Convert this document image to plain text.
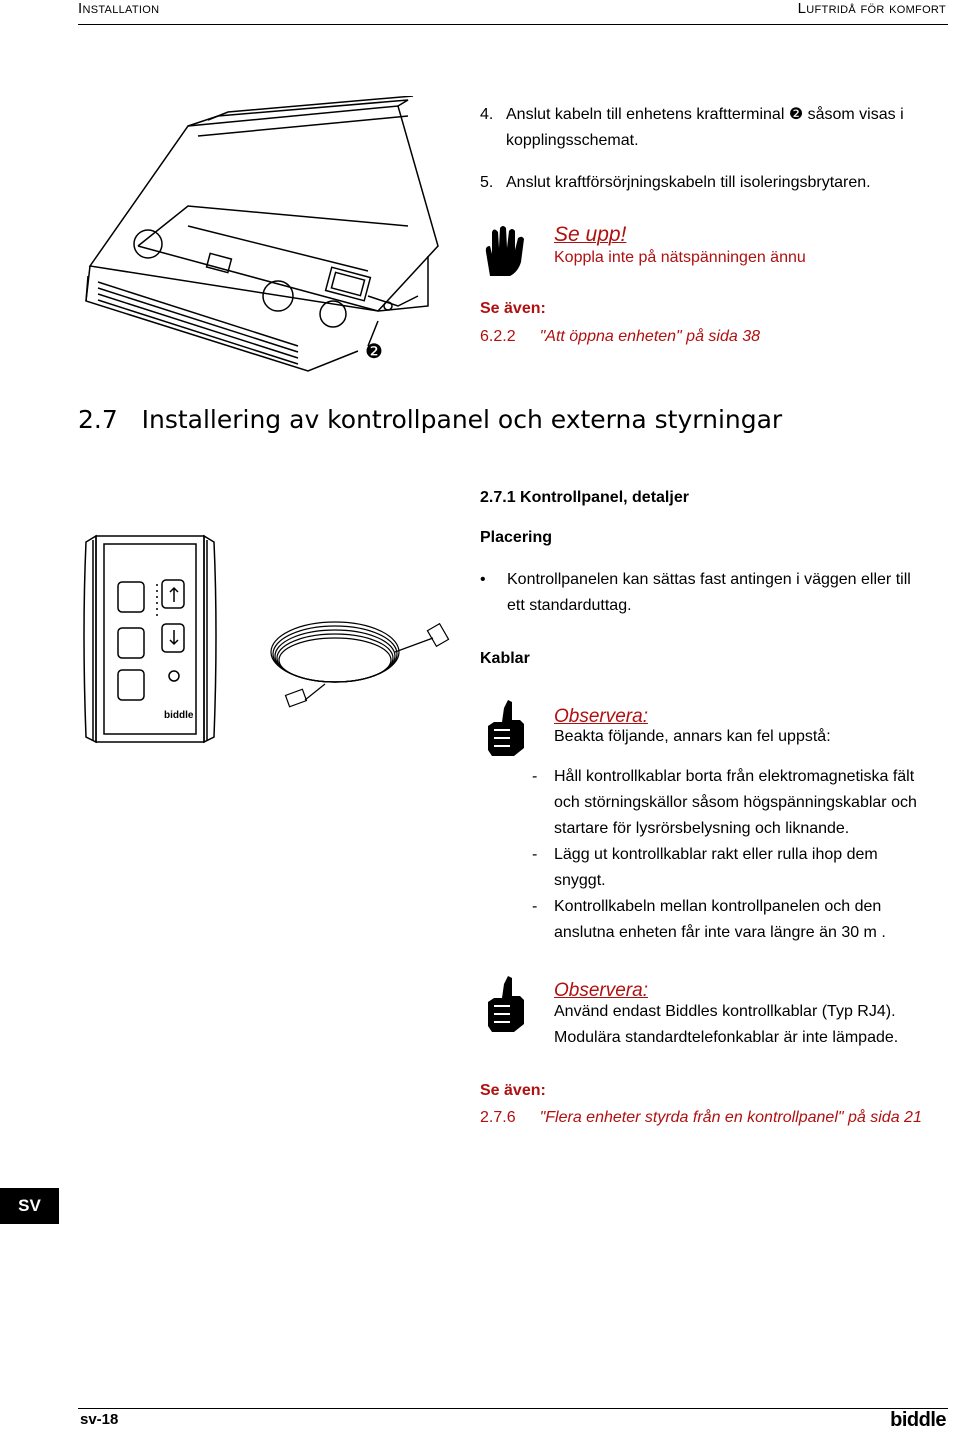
Installation	Luftridå för komfort
❷
4. Anslut kabeln till enhetens kraftterminal ❷ såsom visas i
kopplingsschemat.
5. Anslut kraftförsörjningskabeln till isoleringsbrytaren.
Se upp!
Koppla inte på nätspänningen ännu
Se även:
6.2.2 "Att öppna enheten" på sida 38
2.7   Installering av kontrollpanel och externa styrningar
2.7.1 Kontrollpanel, detaljer
Placering
•	Kontrollpanelen kan sättas fast antingen i väggen eller till
ett standarduttag.
Kablar
biddle	Observera:
Beakta följande, annars kan fel uppstå:
- Håll kontrollkablar borta från elektromagnetiska fält
och störningskällor såsom högspänningskablar och
startare för lysrörsbelysning och liknande.
- Lägg ut kontrollkablar rakt eller rulla ihop dem
snyggt.
- Kontrollkabeln mellan kontrollpanelen och den
anslutna enheten får inte vara längre än 30 m .
Observera:
Använd endast Biddles kontrollkablar (Typ RJ4).
Modulära standardtelefonkablar är inte lämpade.
Se även:
2.7.6 "Flera enheter styrda från en kontrollpanel" på sida 21
SV
sv-18	biddle
